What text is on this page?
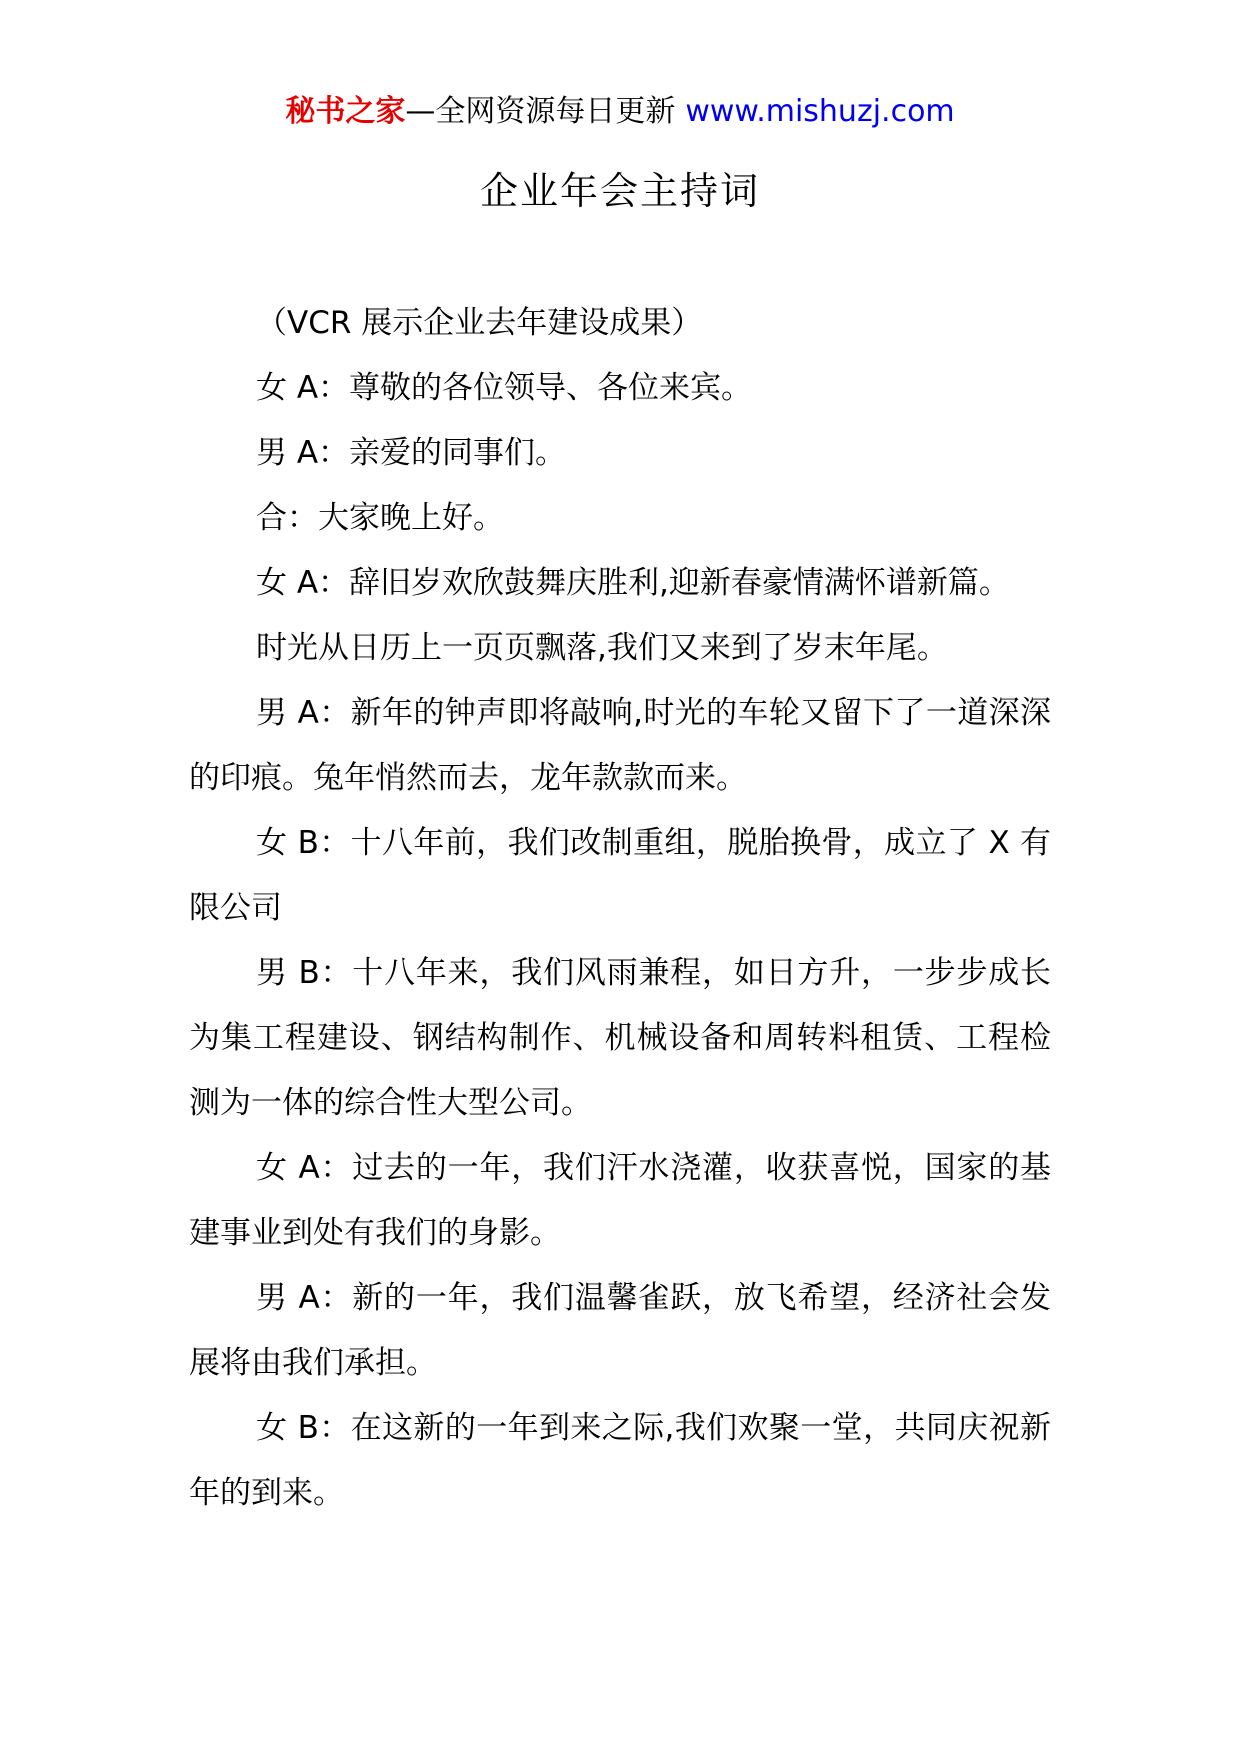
秘书之家—全网资源每日更新 www.mishuzj.com
企业年会主持词

（VCR 展示企业去年建设成果）

女 A：尊敬的各位领导、各位来宾。

男 A：亲爱的同事们。

合：大家晚上好。

女 A：辞旧岁欢欣鼓舞庆胜利,迎新春豪情满怀谱新篇。

时光从日历上一页页飘落,我们又来到了岁末年尾。

男 A：新年的钟声即将敲响,时光的车轮又留下了一道深深的印痕。兔年悄然而去，龙年款款而来。

女 B：十八年前，我们改制重组，脱胎换骨，成立了 X 有限公司

男 B：十八年来，我们风雨兼程，如日方升，一步步成长为集工程建设、钢结构制作、机械设备和周转料租赁、工程检测为一体的综合性大型公司。

女 A：过去的一年，我们汗水浇灌，收获喜悦，国家的基建事业到处有我们的身影。

男 A：新的一年，我们温馨雀跃，放飞希望，经济社会发展将由我们承担。

女 B：在这新的一年到来之际,我们欢聚一堂，共同庆祝新年的到来。
